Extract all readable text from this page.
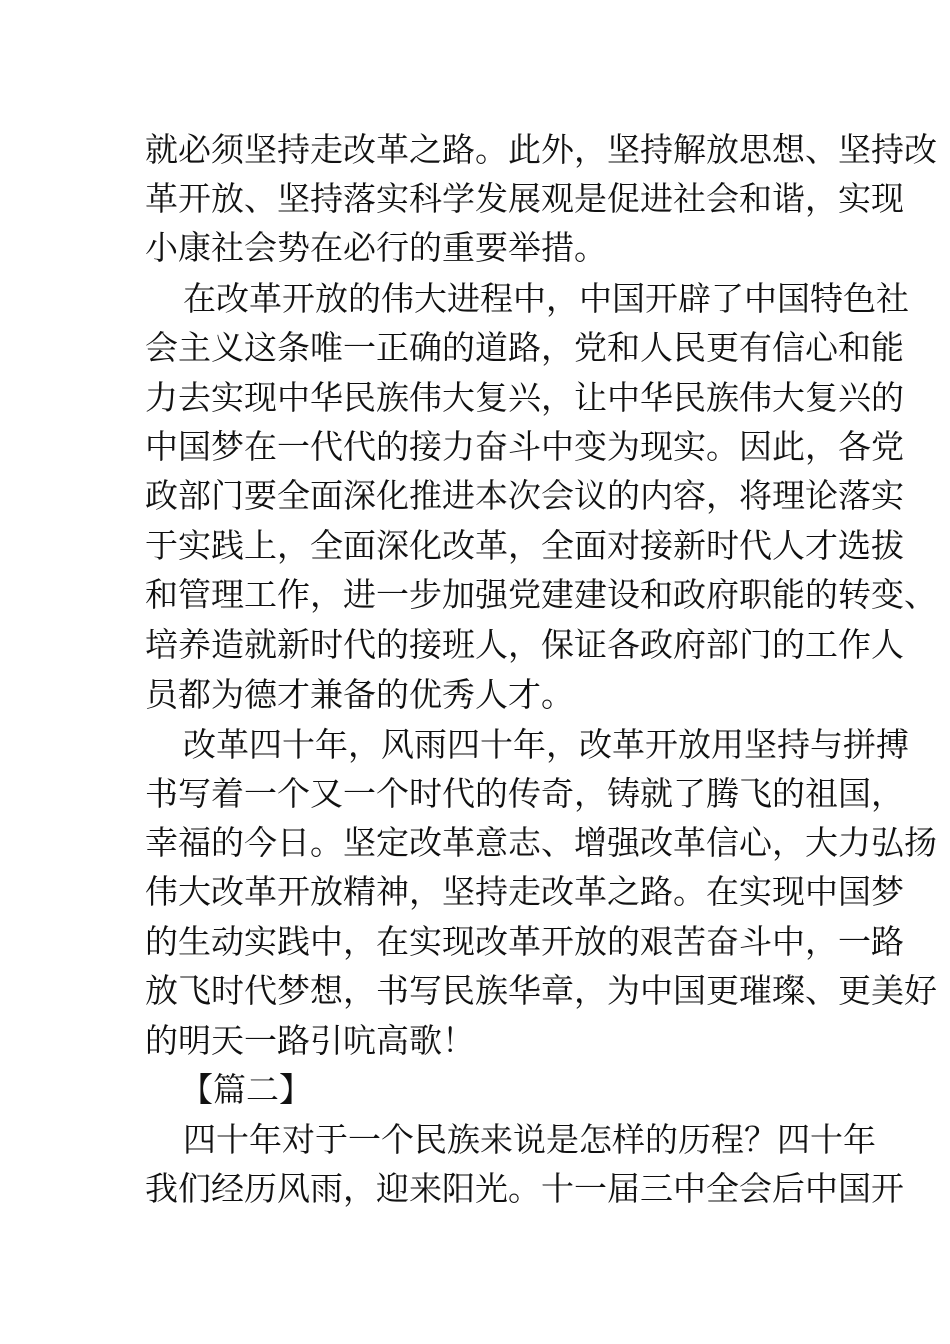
就必须坚持走改革之路。此外，坚持解放思想、坚持改
革开放、坚持落实科学发展观是促进社会和谐，实现
小康社会势在必行的重要举措。
在改革开放的伟大进程中，中国开辟了中国特色社
会主义这条唯一正确的道路，党和人民更有信心和能
力去实现中华民族伟大复兴，让中华民族伟大复兴的
中国梦在一代代的接力奋斗中变为现实。因此，各党
政部门要全面深化推进本次会议的内容，将理论落实
于实践上，全面深化改革，全面对接新时代人才选拔
和管理工作，进一步加强党建建设和政府职能的转变、
培养造就新时代的接班人，保证各政府部门的工作人
员都为德才兼备的优秀人才。
改革四十年，风雨四十年，改革开放用坚持与拼搏
书写着一个又一个时代的传奇，铸就了腾飞的祖国，
幸福的今日。坚定改革意志、增强改革信心，大力弘扬
伟大改革开放精神，坚持走改革之路。在实现中国梦
的生动实践中，在实现改革开放的艰苦奋斗中，一路
放飞时代梦想，书写民族华章，为中国更璀璨、更美好
的明天一路引吭高歌！
【篇二】
四十年对于一个民族来说是怎样的历程？四十年
我们经历风雨，迎来阳光。十一届三中全会后中国开
